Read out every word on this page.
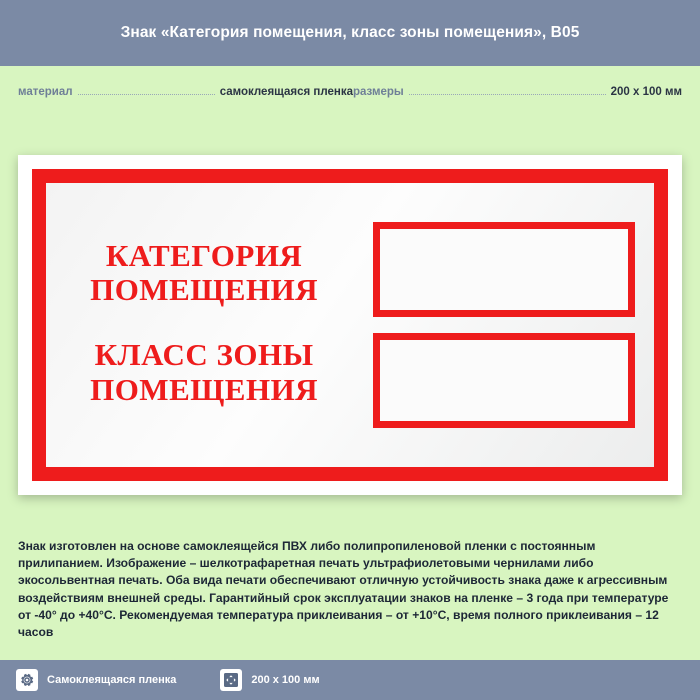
Знак «Категория помещения, класс зоны помещения», B05
материал	самоклеящаяся пленка размеры	200 x 100 мм
КАТЕГОРИЯ
ПОМЕЩЕНИЯ
КЛАСС ЗОНЫ
ПОМЕЩЕНИЯ
Знак изготовлен на основе самоклеящейся ПВХ либо полипропиленовой пленки с постоянным прилипанием. Изображение – шелкотрафаретная печать ультрафиолетовыми чернилами либо экосольвентная печать. Оба вида печати обеспечивают отличную устойчивость знака даже к агрессивным воздействиям внешней среды. Гарантийный срок эксплуатации знаков на пленке – 3 года при температуре от -40° до +40°С. Рекомендуемая температура приклеивания – от +10°С, время полного приклеивания – 12 часов
Самоклеящаяся пленка	200 x 100 мм
